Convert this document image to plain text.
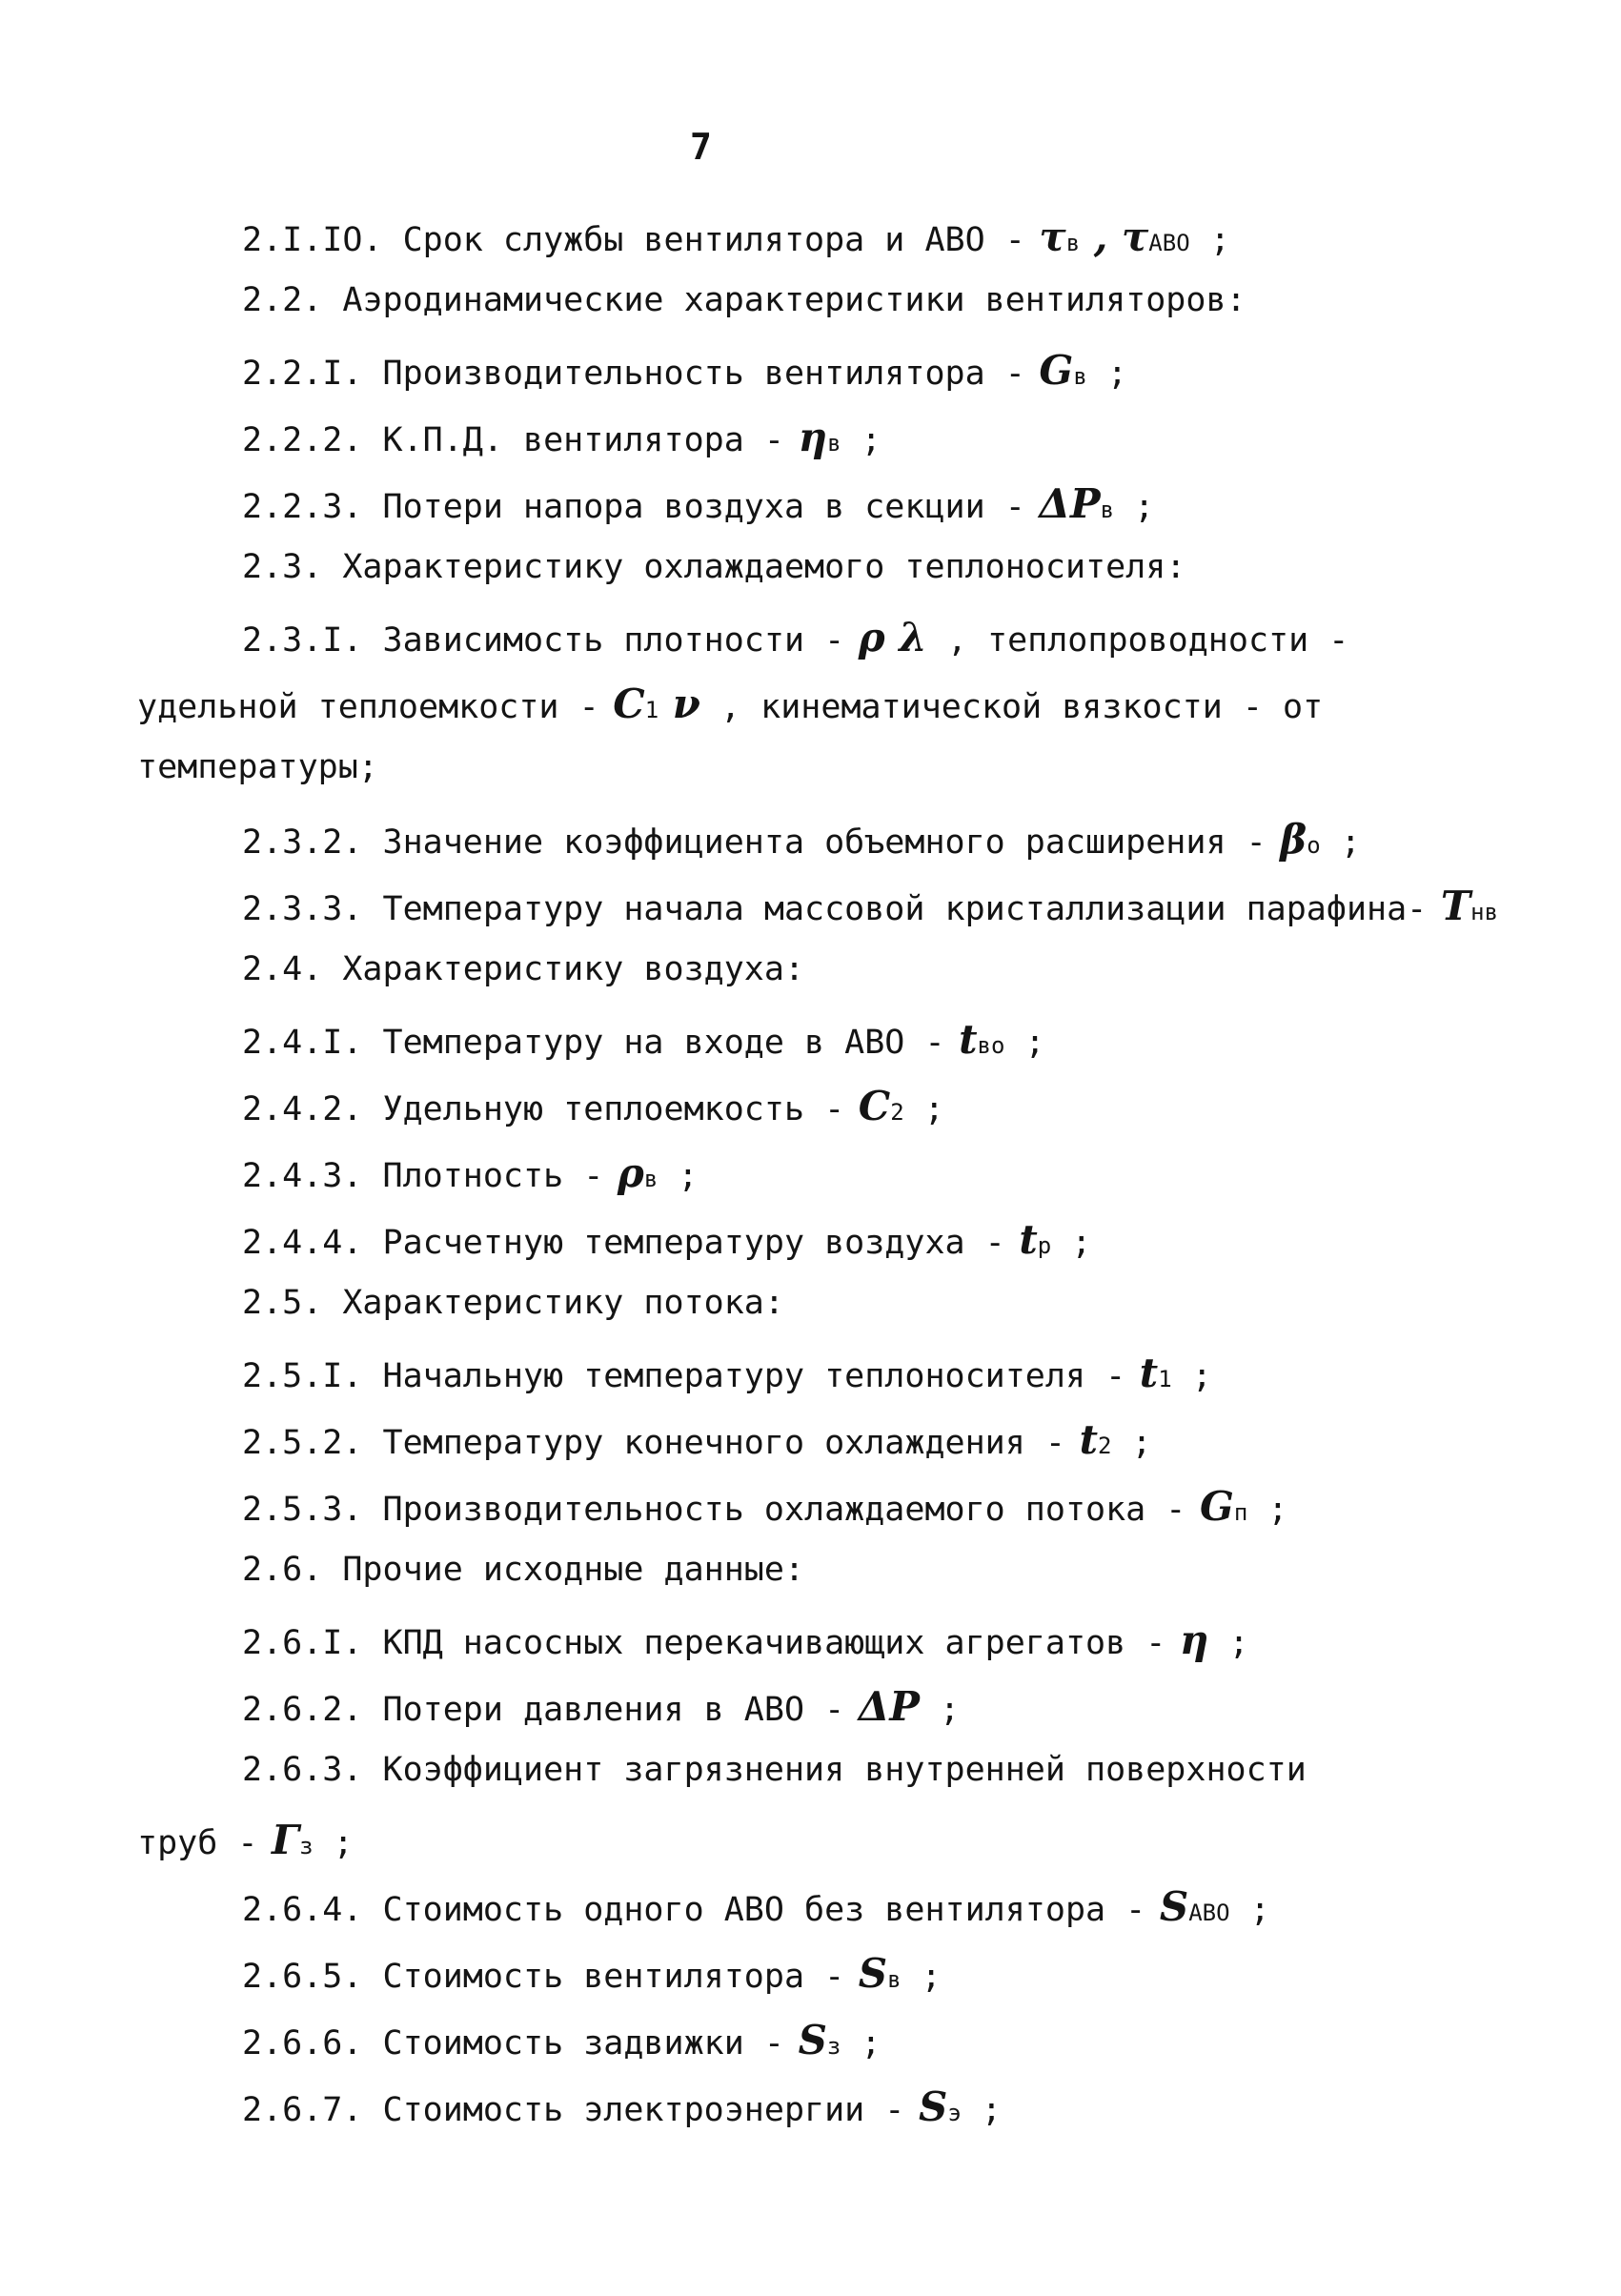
7
2.I.IO. Срок службы вентилятора и АВО - τв , τАВО ;
2.2. Аэродинамические характеристики вентиляторов:
2.2.I. Производительность вентилятора - Gв ;
2.2.2. К.П.Д. вентилятора - ηв ;
2.2.3. Потери напора воздуха в секции - ΔPв ;
2.3. Характеристику охлаждаемого теплоносителя:
2.3.I. Зависимость плотности - ρ λ , теплопроводности -
удельной теплоемкости - C1 ν , кинематической вязкости - от
температуры;
2.3.2. Значение коэффициента объемного расширения - βо ;
2.3.3. Температуру начала массовой кристаллизации парафина- Tнв
2.4. Характеристику воздуха:
2.4.I. Температуру на входе в АВО - tво ;
2.4.2. Удельную теплоемкость - C2 ;
2.4.3. Плотность - ρв ;
2.4.4. Расчетную температуру воздуха - tр ;
2.5. Характеристику потока:
2.5.I. Начальную температуру теплоносителя - t1 ;
2.5.2. Температуру конечного охлаждения - t2 ;
2.5.3. Производительность охлаждаемого потока - Gп ;
2.6. Прочие исходные данные:
2.6.I. КПД насосных перекачивающих агрегатов - η ;
2.6.2. Потери давления в АВО - ΔP ;
2.6.3. Коэффициент загрязнения внутренней поверхности
труб - Гз ;
2.6.4. Стоимость одного АВО без вентилятора - SАВО ;
2.6.5. Стоимость вентилятора - Sв ;
2.6.6. Стоимость задвижки - Sз ;
2.6.7. Стоимость электроэнергии - Sэ ;
